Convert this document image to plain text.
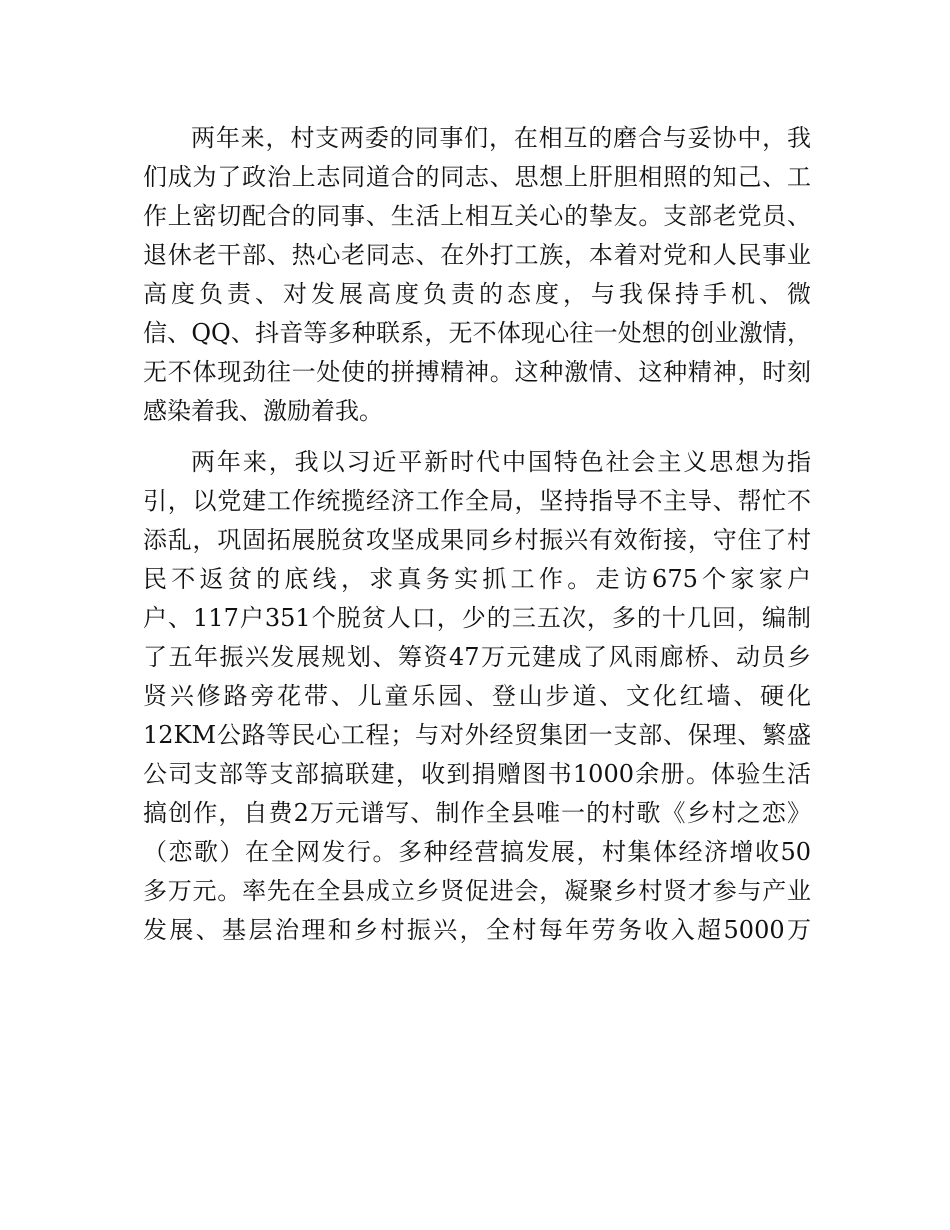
两年来，村支两委的同事们，在相互的磨合与妥协中，我
们成为了政治上志同道合的同志、思想上肝胆相照的知己、工
作上密切配合的同事、生活上相互关心的挚友。支部老党员、
退休老干部、热心老同志、在外打工族，本着对党和人民事业
高度负责、对发展高度负责的态度，与我保持手机、微
信、QQ、抖音等多种联系，无不体现心往一处想的创业激情，
无不体现劲往一处使的拼搏精神。这种激情、这种精神，时刻
感染着我、激励着我。

两年来，我以习近平新时代中国特色社会主义思想为指
引，以党建工作统揽经济工作全局，坚持指导不主导、帮忙不
添乱，巩固拓展脱贫攻坚成果同乡村振兴有效衔接，守住了村
民不返贫的底线，求真务实抓工作。走访675个家家户
户、117户351个脱贫人口，少的三五次，多的十几回，编制
了五年振兴发展规划、筹资47万元建成了风雨廊桥、动员乡
贤兴修路旁花带、儿童乐园、登山步道、文化红墙、硬化
12KM公路等民心工程；与对外经贸集团一支部、保理、繁盛
公司支部等支部搞联建，收到捐赠图书1000余册。体验生活
搞创作，自费2万元谱写、制作全县唯一的村歌《乡村之恋》
（恋歌）在全网发行。多种经营搞发展，村集体经济增收50
多万元。率先在全县成立乡贤促进会，凝聚乡村贤才参与产业
发展、基层治理和乡村振兴，全村每年劳务收入超5000万
